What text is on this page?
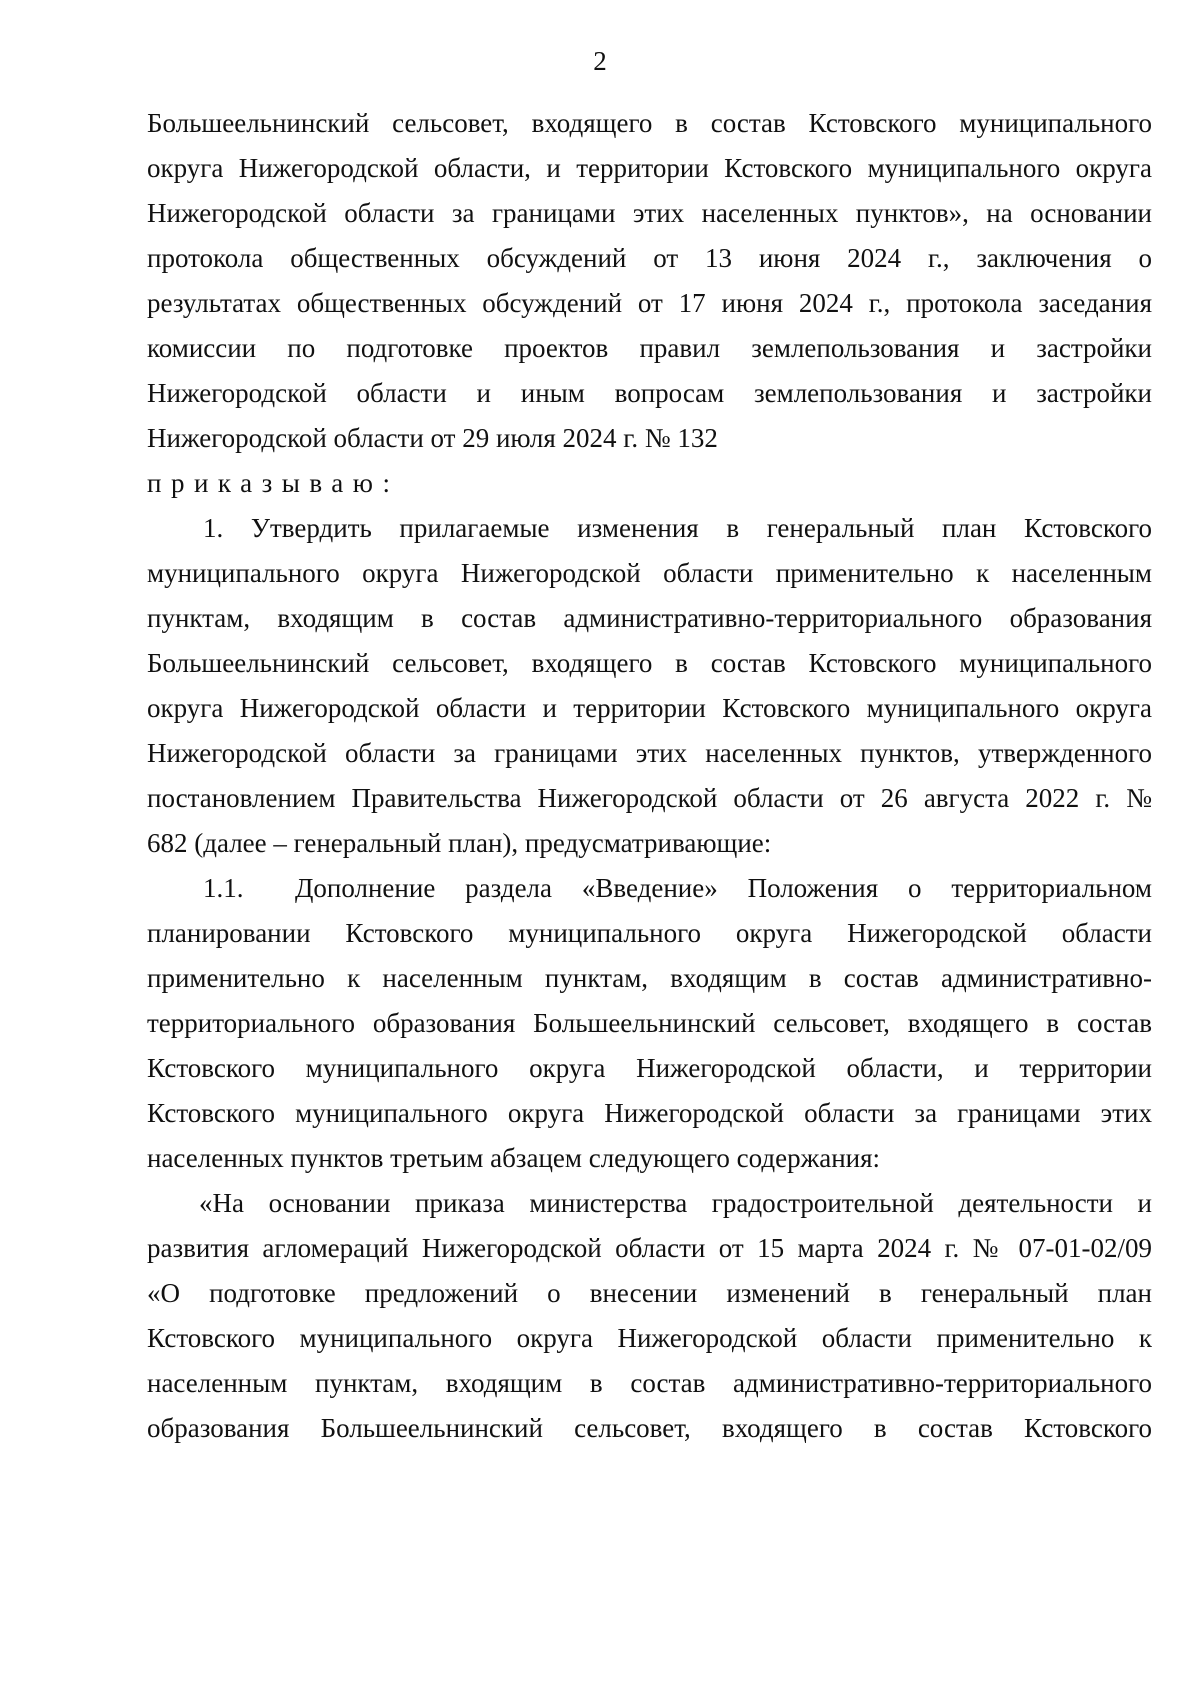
2
Большеельнинский сельсовет, входящего в состав Кстовского муниципального
округа Нижегородской области, и территории Кстовского муниципального округа
Нижегородской области за границами этих населенных пунктов», на основании
протокола общественных обсуждений от 13 июня 2024 г., заключения о
результатах общественных обсуждений от 17 июня 2024 г., протокола заседания
комиссии по подготовке проектов правил землепользования и застройки
Нижегородской области и иным вопросам землепользования и застройки
Нижегородской области от 29 июля 2024 г. № 132
приказываю:
1. Утвердить прилагаемые изменения в генеральный план Кстовского
муниципального округа Нижегородской области применительно к населенным
пунктам, входящим в состав административно-территориального образования
Большеельнинский сельсовет, входящего в состав Кстовского муниципального
округа Нижегородской области и территории Кстовского муниципального округа
Нижегородской области за границами этих населенных пунктов, утвержденного
постановлением Правительства Нижегородской области от 26 августа 2022 г. №
682 (далее – генеральный план), предусматривающие:
1.1. Дополнение раздела «Введение» Положения о территориальном
планировании Кстовского муниципального округа Нижегородской области
применительно к населенным пунктам, входящим в состав административно-
территориального образования Большеельнинский сельсовет, входящего в состав
Кстовского муниципального округа Нижегородской области, и территории
Кстовского муниципального округа Нижегородской области за границами этих
населенных пунктов третьим абзацем следующего содержания:
«На основании приказа министерства градостроительной деятельности и
развития агломераций Нижегородской области от 15 марта 2024 г. № 07-01-02/09
«О подготовке предложений о внесении изменений в генеральный план
Кстовского муниципального округа Нижегородской области применительно к
населенным пунктам, входящим в состав административно-территориального
образования Большеельнинский сельсовет, входящего в состав Кстовского
